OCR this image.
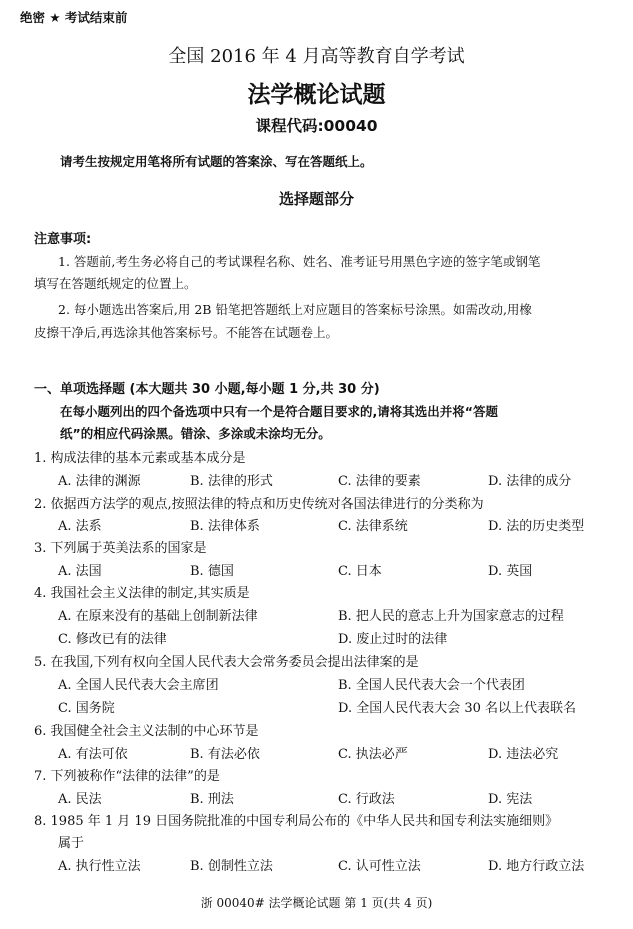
绝密 ★ 考试结束前
全国 2016 年 4 月高等教育自学考试
法学概论试题
课程代码:00040
请考生按规定用笔将所有试题的答案涂、写在答题纸上。
选择题部分
注意事项:
1. 答题前,考生务必将自己的考试课程名称、姓名、准考证号用黑色字迹的签字笔或钢笔
填写在答题纸规定的位置上。
2. 每小题选出答案后,用 2B 铅笔把答题纸上对应题目的答案标号涂黑。如需改动,用橡
皮擦干净后,再选涂其他答案标号。不能答在试题卷上。
一、单项选择题 (本大题共 30 小题,每小题 1 分,共 30 分)
在每小题列出的四个备选项中只有一个是符合题目要求的,请将其选出并将“答题
纸”的相应代码涂黑。错涂、多涂或未涂均无分。
1. 构成法律的基本元素或基本成分是
A. 法律的渊源	B. 法律的形式	C. 法律的要素	D. 法律的成分
2. 依据西方法学的观点,按照法律的特点和历史传统对各国法律进行的分类称为
A. 法系	B. 法律体系	C. 法律系统	D. 法的历史类型
3. 下列属于英美法系的国家是
A. 法国	B. 德国	C. 日本	D. 英国
4. 我国社会主义法律的制定,其实质是
A. 在原来没有的基础上创制新法律	B. 把人民的意志上升为国家意志的过程
C. 修改已有的法律	D. 废止过时的法律
5. 在我国,下列有权向全国人民代表大会常务委员会提出法律案的是
A. 全国人民代表大会主席团	B. 全国人民代表大会一个代表团
C. 国务院	D. 全国人民代表大会 30 名以上代表联名
6. 我国健全社会主义法制的中心环节是
A. 有法可依	B. 有法必依	C. 执法必严	D. 违法必究
7. 下列被称作“法律的法律”的是
A. 民法	B. 刑法	C. 行政法	D. 宪法
8. 1985 年 1 月 19 日国务院批准的中国专利局公布的《中华人民共和国专利法实施细则》
属于
A. 执行性立法	B. 创制性立法	C. 认可性立法	D. 地方行政立法
浙 00040# 法学概论试题 第 1 页(共 4 页)
